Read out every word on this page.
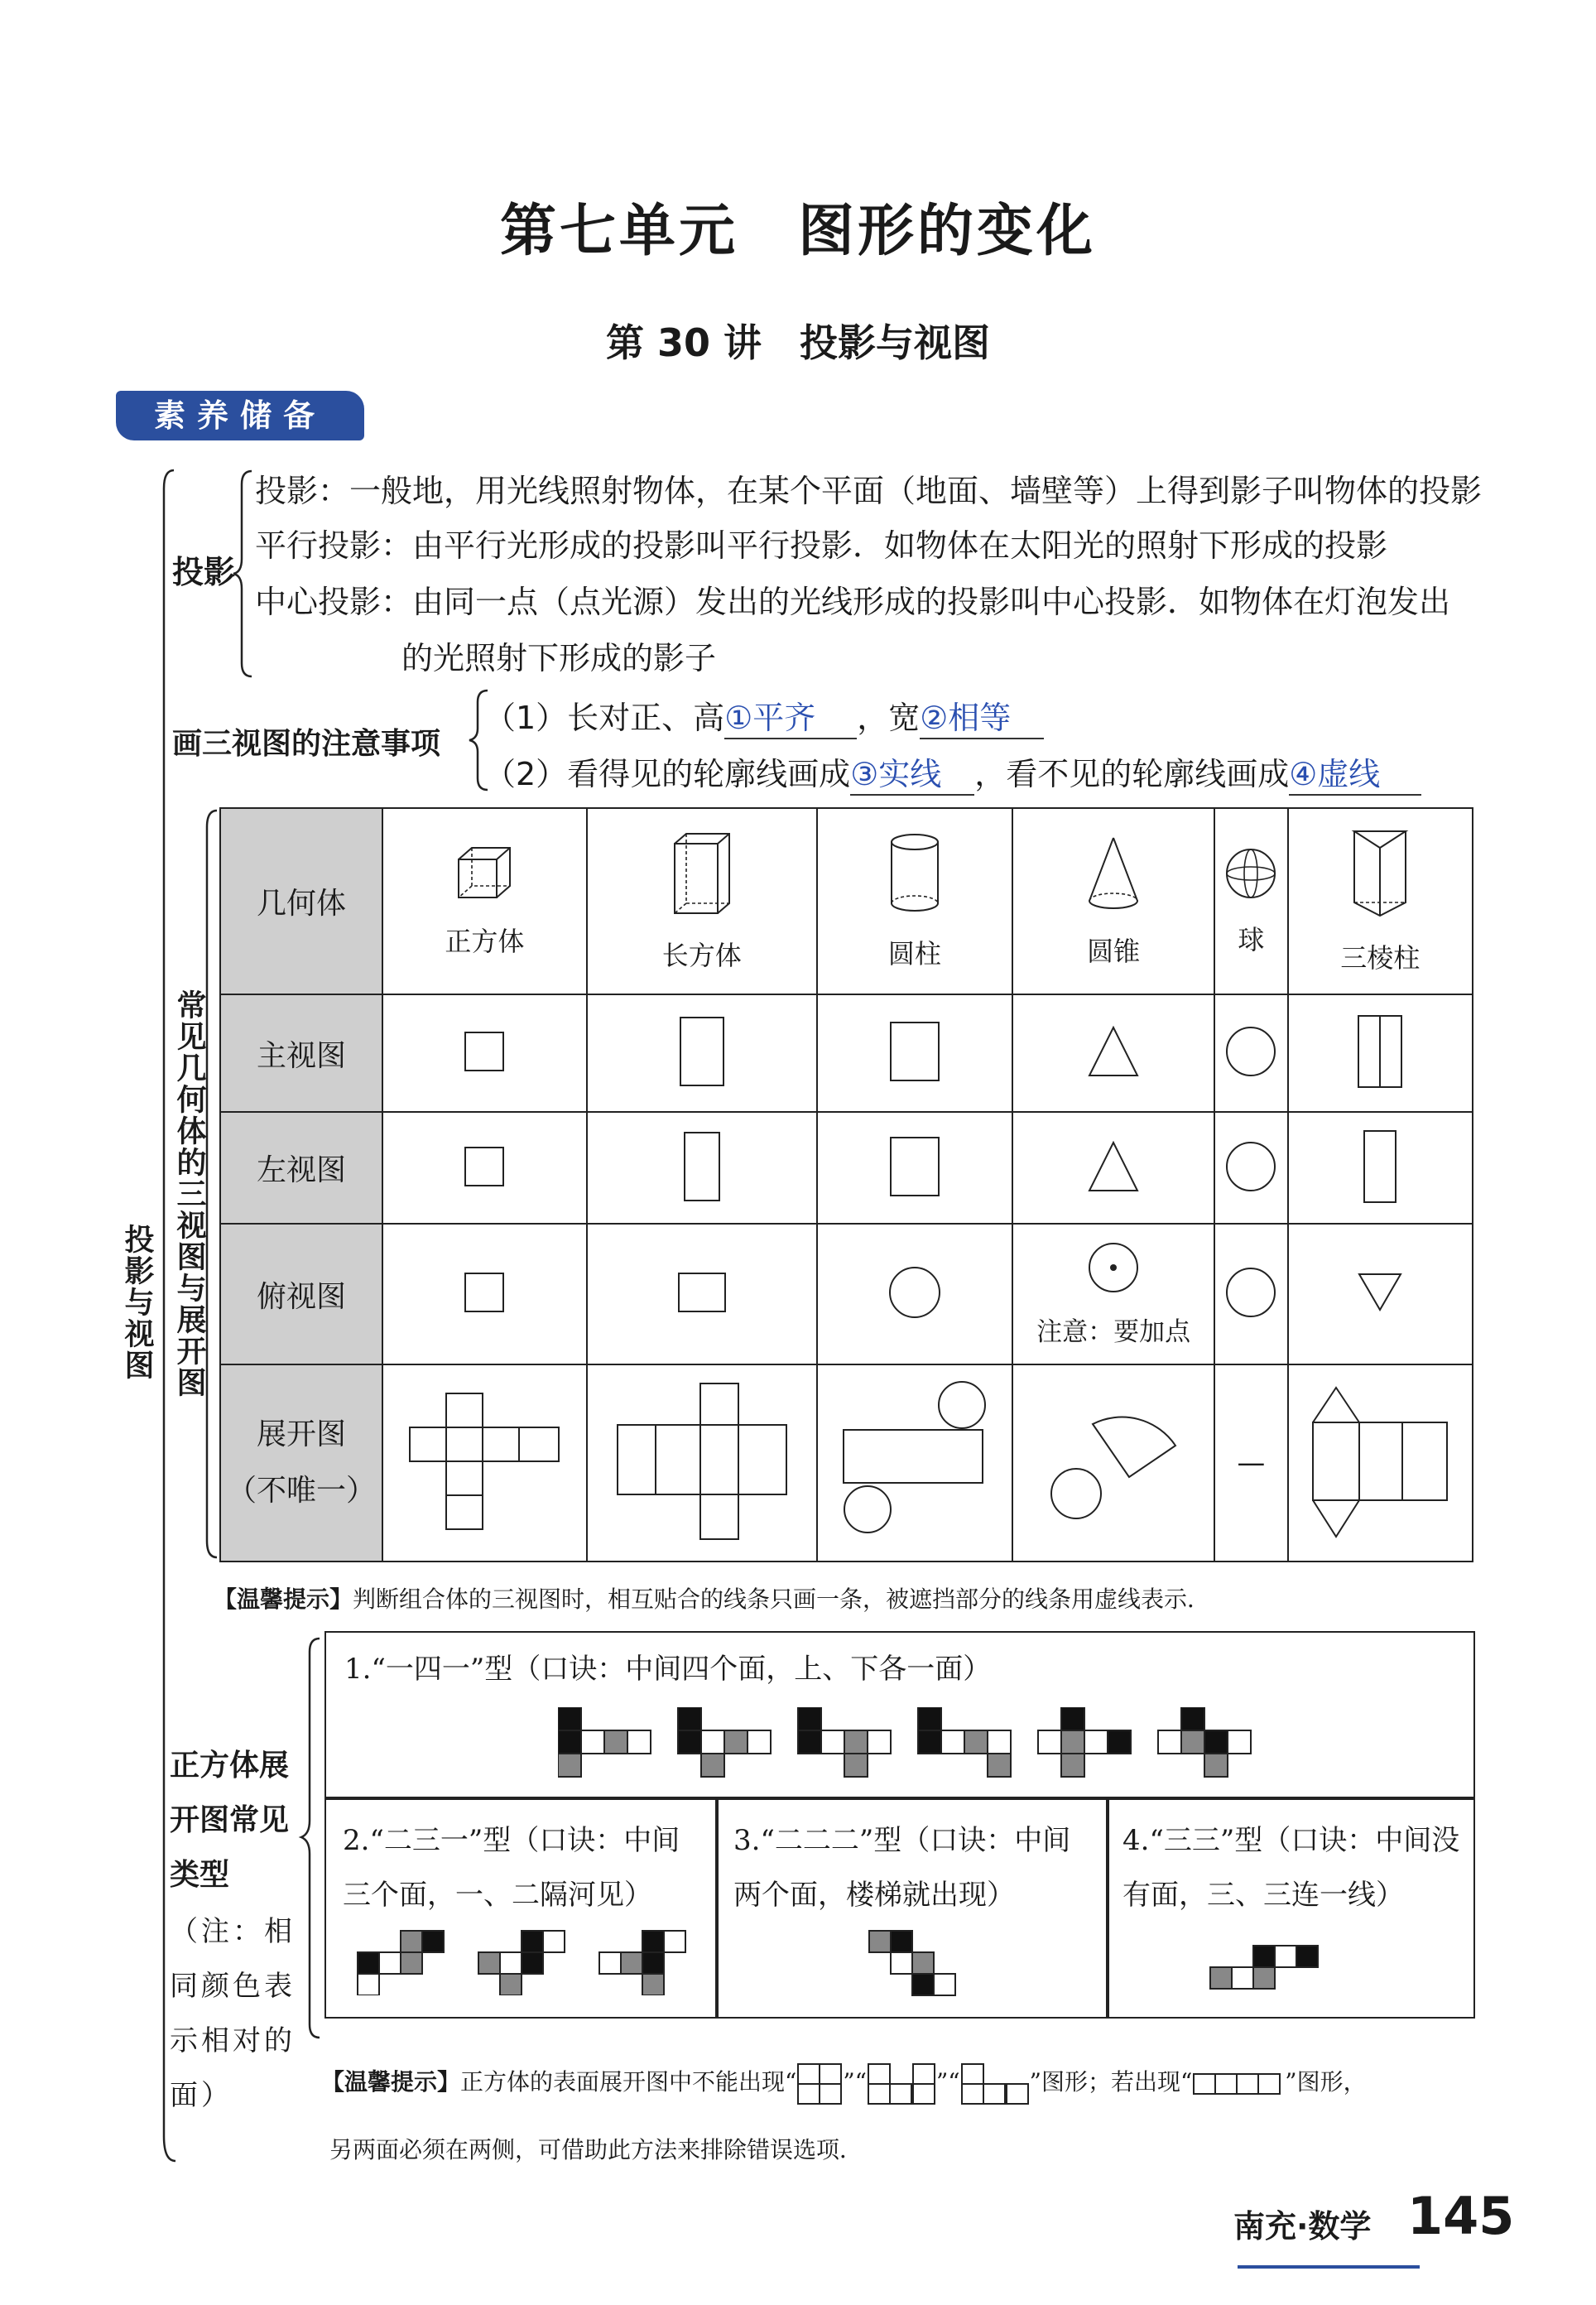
第七单元　图形的变化
第 30 讲　投影与视图
素养储备
投影与视图
投影
投影：一般地，用光线照射物体，在某个平面（地面、墙壁等）上得到影子叫物体的投影
平行投影：由平行光形成的投影叫平行投影．如物体在太阳光的照射下形成的投影
中心投影：由同一点（点光源）发出的光线形成的投影叫中心投影．如物体在灯泡发出
的光照射下形成的影子
画三视图的注意事项
（1）长对正、高①平齐 ，宽②相等
（2）看得见的轮廓线画成③实线 ，看不见的轮廓线画成④虚线
常见几何体的三视图与展开图
几何体	正方体	长方体	圆柱	圆锥	球	三棱柱

主视图						
左视图						
俯视图				注意：要加点

展开图
（不唯一）					—	
【温馨提示】判断组合体的三视图时，相互贴合的线条只画一条，被遮挡部分的线条用虚线表示．
正方体展开图常见类型
（注：相同颜色表示相对的面）
1.“一四一”型（口诀：中间四个面，上、下各一面）
2.“二三一”型（口诀：中间三个面，一、二隔河见）
3.“二二二”型（口诀：中间两个面，楼梯就出现）
4.“三三”型（口诀：中间没有面，三、三连一线）
【温馨提示】正方体的表面展开图中不能出现“ ”“	”“	”图形；若出现“	”图形，
另两面必须在两侧，可借助此方法来排除错误选项．
南充·数学 145
